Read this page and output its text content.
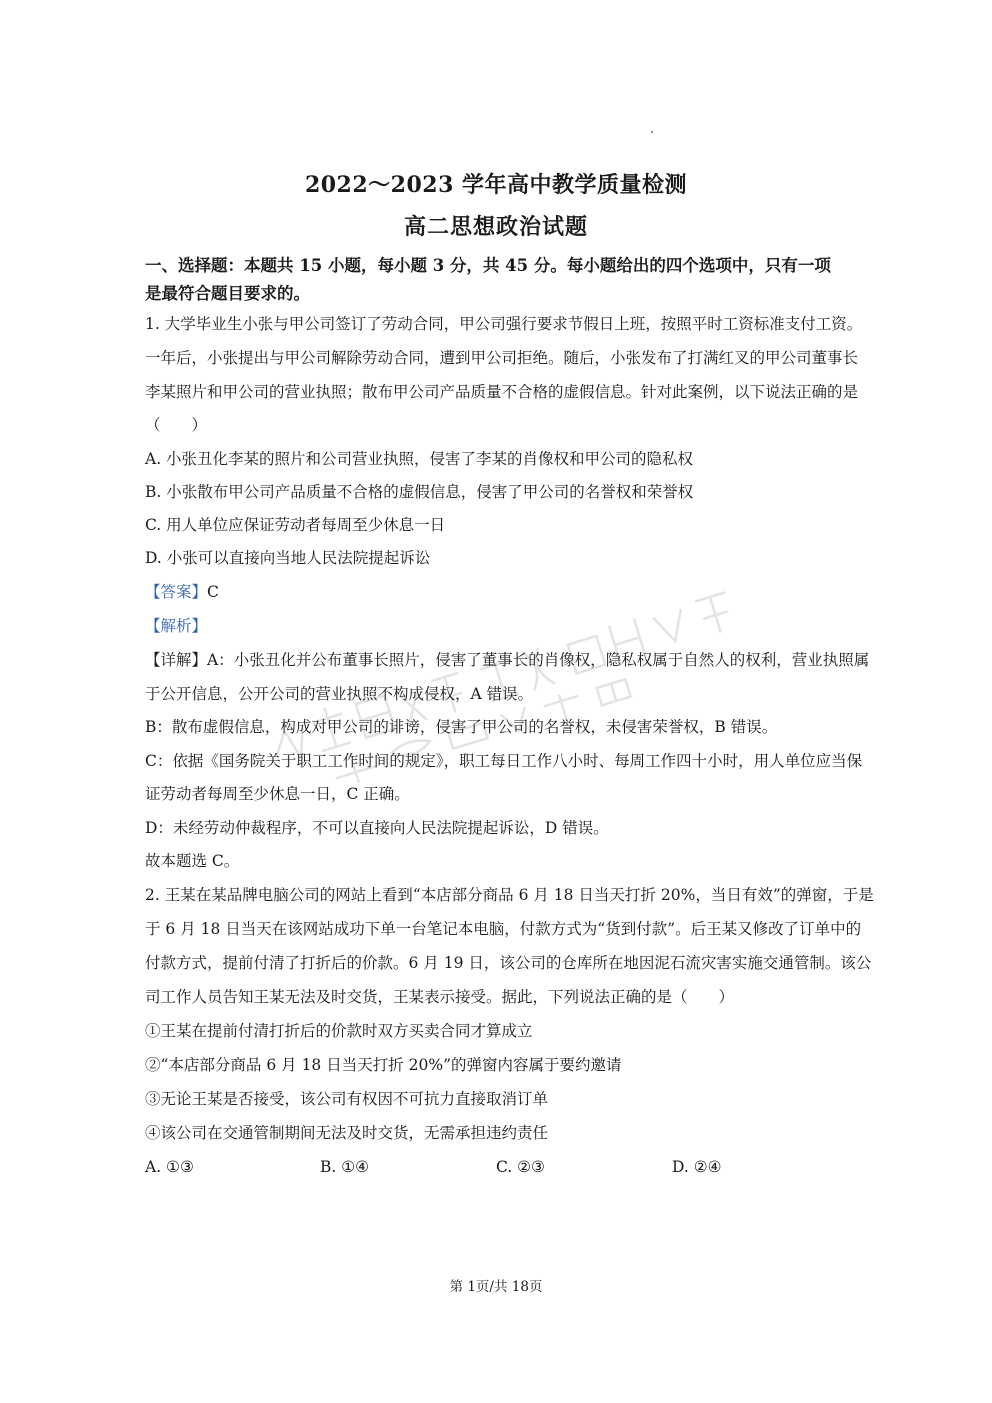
2022～2023 学年高中教学质量检测
高二思想政治试题
一、选择题：本题共 15 小题，每小题 3 分，共 45 分。每小题给出的四个选项中，只有一项
是最符合题目要求的。
1. 大学毕业生小张与甲公司签订了劳动合同，甲公司强行要求节假日上班，按照平时工资标准支付工资。
一年后，小张提出与甲公司解除劳动合同，遭到甲公司拒绝。随后，小张发布了打满红叉的甲公司董事长
李某照片和甲公司的营业执照；散布甲公司产品质量不合格的虚假信息。针对此案例，以下说法正确的是
（　　）
A. 小张丑化李某的照片和公司营业执照，侵害了李某的肖像权和甲公司的隐私权
B. 小张散布甲公司产品质量不合格的虚假信息，侵害了甲公司的名誉权和荣誉权
C. 用人单位应保证劳动者每周至少休息一日
D. 小张可以直接向当地人民法院提起诉讼
【答案】C
【解析】
【详解】A：小张丑化并公布董事长照片，侵害了董事长的肖像权，隐私权属于自然人的权利，营业执照属
于公开信息，公开公司的营业执照不构成侵权，A 错误。
B：散布虚假信息，构成对甲公司的诽谤，侵害了甲公司的名誉权，未侵害荣誉权，B 错误。
C：依据《国务院关于职工工作时间的规定》，职工每日工作八小时、每周工作四十小时，用人单位应当保
证劳动者每周至少休息一日，C 正确。
D：未经劳动仲裁程序，不可以直接向人民法院提起诉讼，D 错误。
故本题选 C。
2. 王某在某品牌电脑公司的网站上看到“本店部分商品 6 月 18 日当天打折 20%，当日有效”的弹窗，于是
于 6 月 18 日当天在该网站成功下单一台笔记本电脑，付款方式为“货到付款”。后王某又修改了订单中的
付款方式，提前付清了打折后的价款。6 月 19 日，该公司的仓库所在地因泥石流灾害实施交通管制。该公
司工作人员告知王某无法及时交货，王某表示接受。据此，下列说法正确的是（　　）
①王某在提前付清打折后的价款时双方买卖合同才算成立
②“本店部分商品 6 月 18 日当天打折 20%”的弹窗内容属于要约邀请
③无论王某是否接受，该公司有权因不可抗力直接取消订单
④该公司在交通管制期间无法及时交货，无需承担违约责任
A. ①③	B. ①④	C. ②③	D. ②④
第 1页/共 18页
